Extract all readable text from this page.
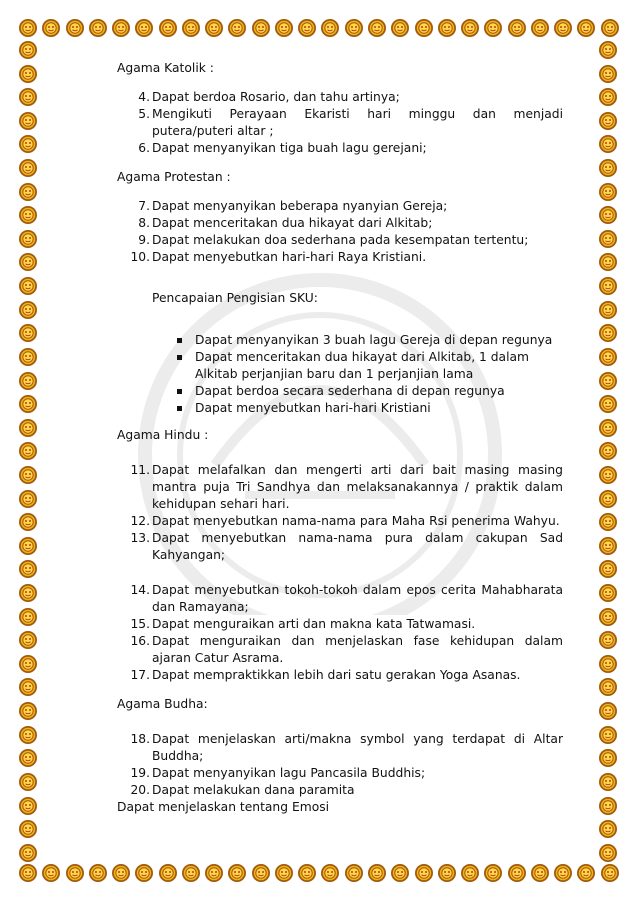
Agama Katolik :

4. Dapat berdoa Rosario, dan tahu artinya;
5. Mengikuti Perayaan Ekaristi hari minggu dan menjadi putera/puteri altar ;
6. Dapat menyanyikan tiga buah lagu gerejani;

Agama Protestan :

7. Dapat menyanyikan beberapa nyanyian Gereja;
8. Dapat menceritakan dua hikayat dari Alkitab;
9. Dapat melakukan doa sederhana pada kesempatan tertentu;
10. Dapat menyebutkan hari-hari Raya Kristiani.

Pencapaian Pengisian SKU:

Dapat menyanyikan 3 buah lagu Gereja di depan regunya

Dapat menceritakan dua hikayat dari Alkitab, 1 dalam Alkitab perjanjian baru dan 1 perjanjian lama

Dapat berdoa secara sederhana di depan regunya

Dapat menyebutkan hari-hari Kristiani

Agama Hindu :

11. Dapat melafalkan dan mengerti arti dari bait masing masing mantra puja Tri Sandhya dan melaksanakannya / praktik dalam kehidupan sehari hari.
12. Dapat menyebutkan nama-nama para Maha Rsi penerima Wahyu.
13. Dapat menyebutkan nama-nama pura dalam cakupan Sad Kahyangan;
14. Dapat menyebutkan tokoh-tokoh dalam epos cerita Mahabharata dan Ramayana;
15. Dapat menguraikan arti dan makna kata Tatwamasi.
16. Dapat menguraikan dan menjelaskan fase kehidupan dalam ajaran Catur Asrama.
17. Dapat mempraktikkan lebih dari satu gerakan Yoga Asanas.

Agama Budha:

18. Dapat menjelaskan arti/makna symbol yang terdapat di Altar Buddha;
19. Dapat menyanyikan lagu Pancasila Buddhis;
20. Dapat melakukan dana paramita

Dapat menjelaskan tentang Emosi
